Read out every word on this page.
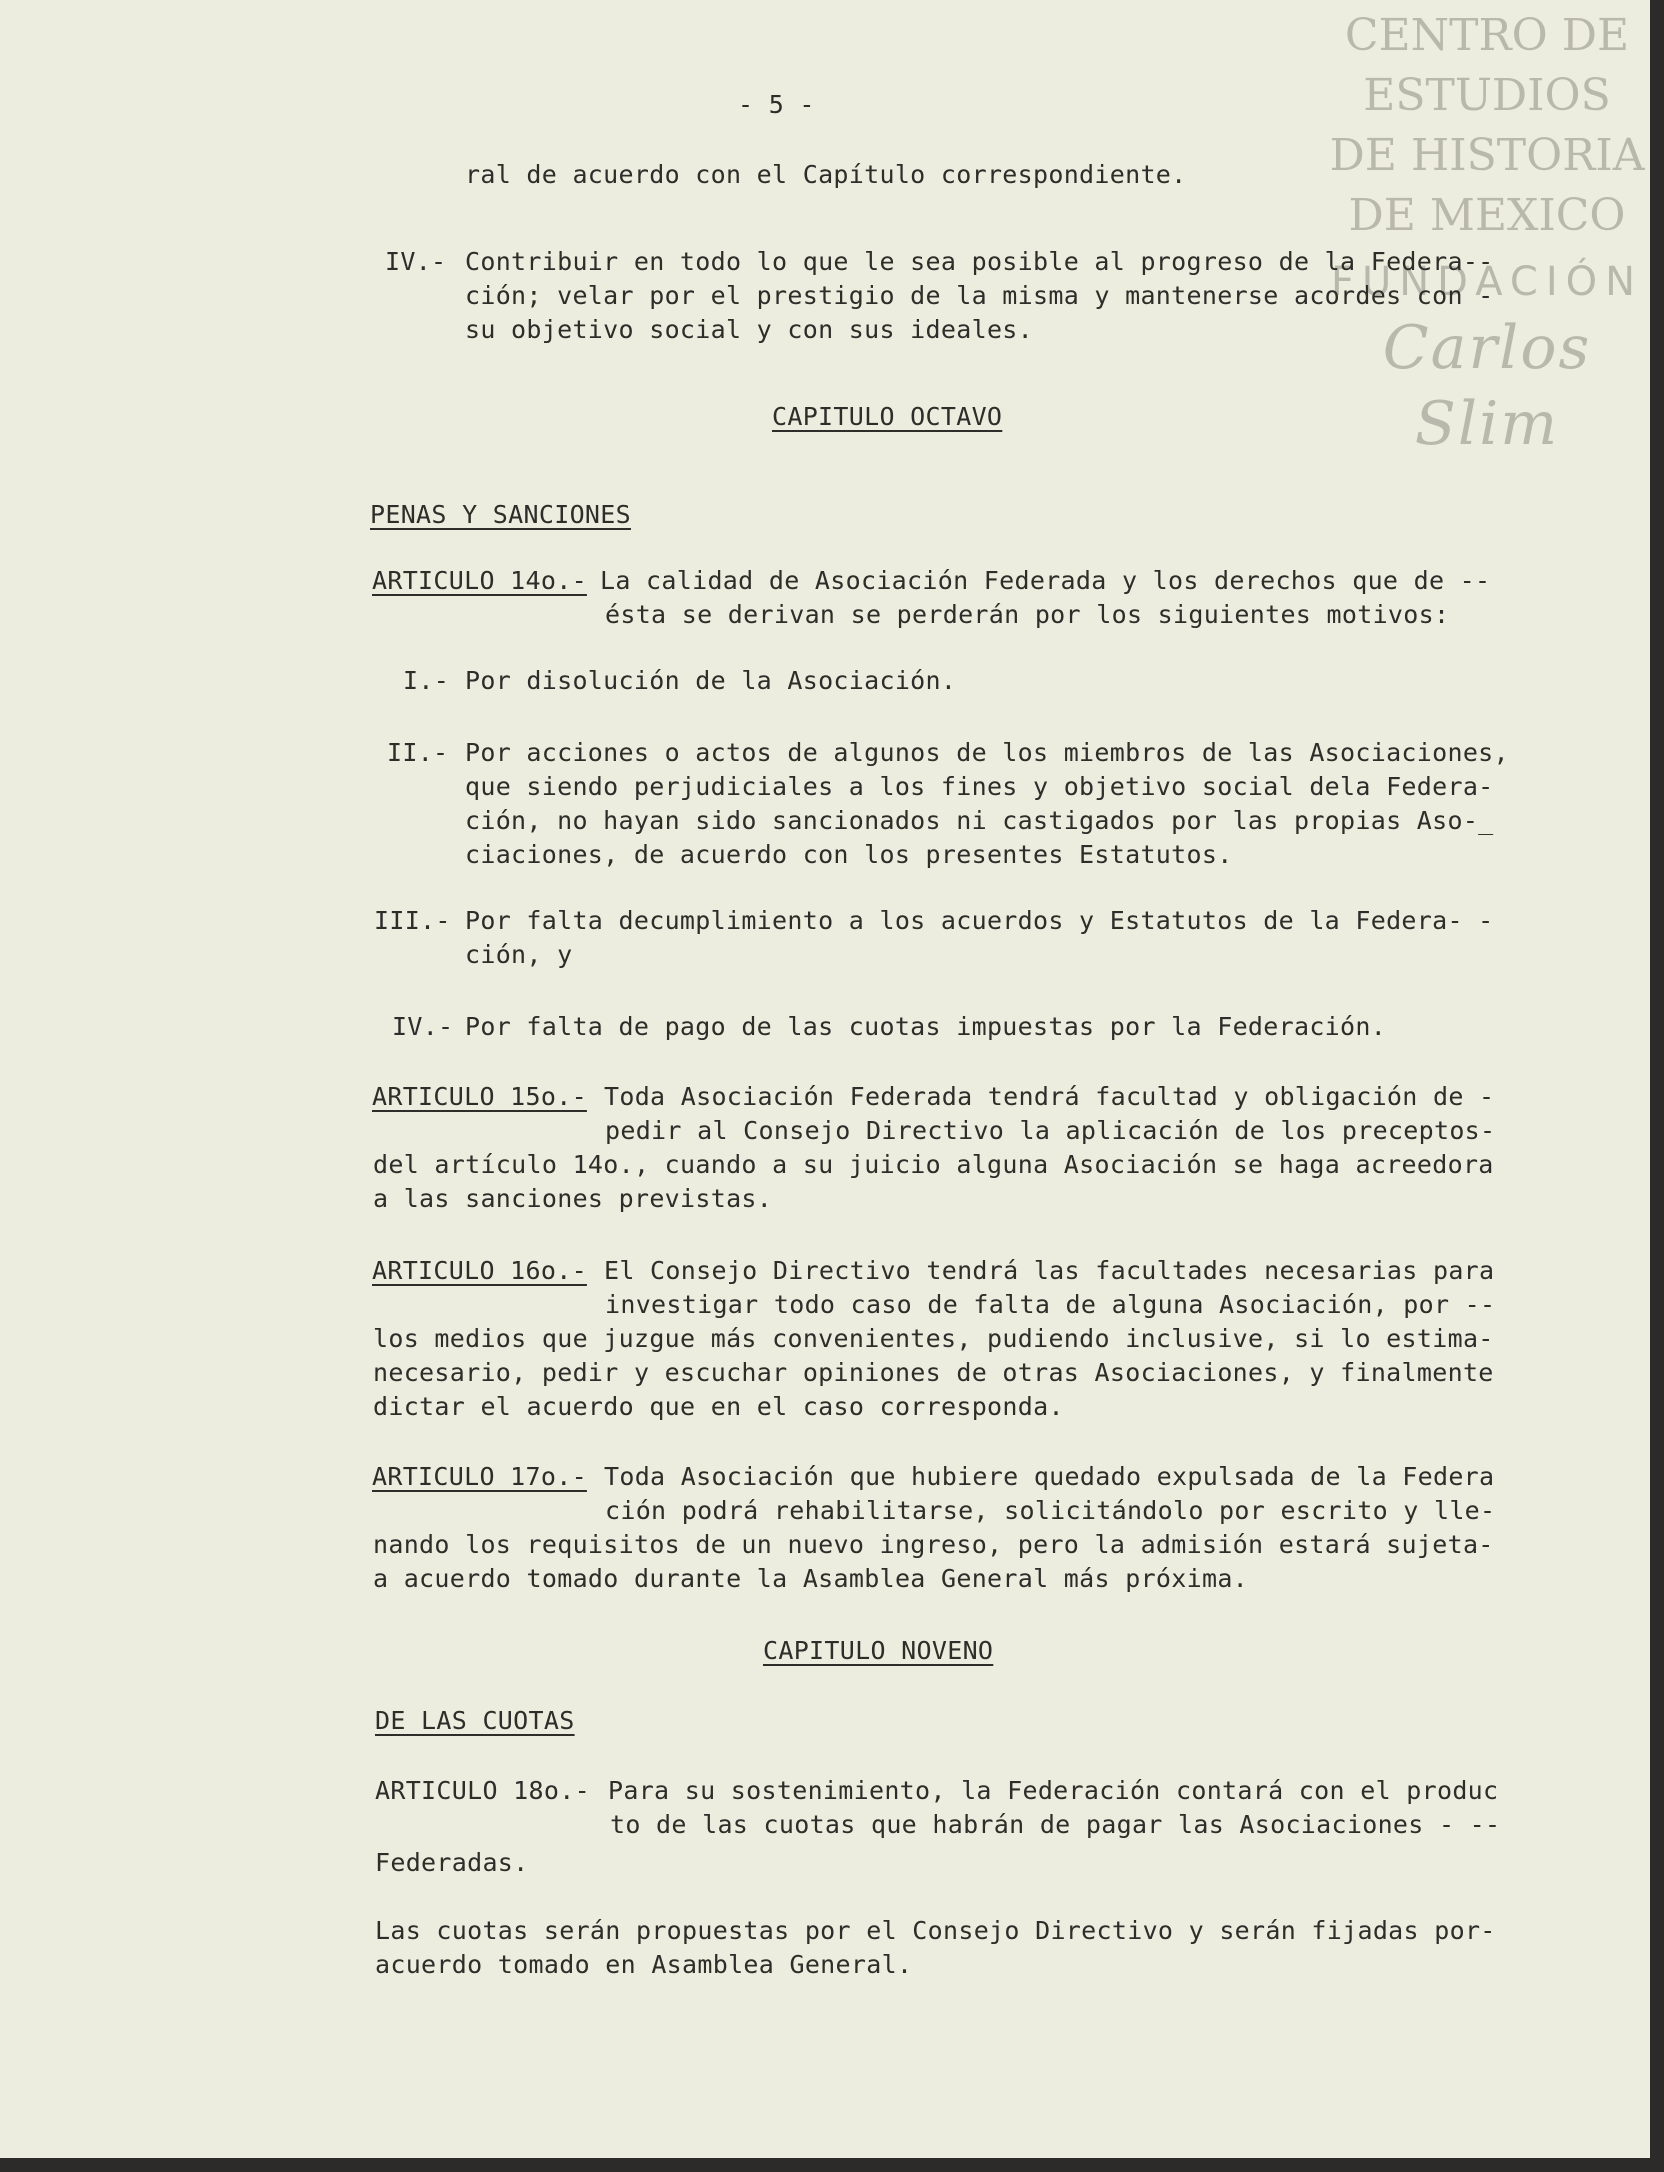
CENTRO DE
ESTUDIOS
DE HISTORIA
DE MEXICO
FUNDACIÓN
Carlos Slim
- 5 -
ral de acuerdo con el Capítulo correspondiente.
IV.- Contribuir en todo lo que le sea posible al progreso de la Federa--
ción; velar por el prestigio de la misma y mantenerse acordes con -
su objetivo social y con sus ideales.
CAPITULO OCTAVO
PENAS Y SANCIONES
ARTICULO 14o.- La calidad de Asociación Federada y los derechos que de --
ésta se derivan se perderán por los siguientes motivos:
I.- Por disolución de la Asociación.
II.- Por acciones o actos de algunos de los miembros de las Asociaciones,
que siendo perjudiciales a los fines y objetivo social dela Federa-
ción, no hayan sido sancionados ni castigados por las propias Aso-_
ciaciones, de acuerdo con los presentes Estatutos.
III.- Por falta decumplimiento a los acuerdos y Estatutos de la Federa- -
ción, y
IV.- Por falta de pago de las cuotas impuestas por la Federación.
ARTICULO 15o.- Toda Asociación Federada tendrá facultad y obligación de -
pedir al Consejo Directivo la aplicación de los preceptos-
del artículo 14o., cuando a su juicio alguna Asociación se haga acreedora
a las sanciones previstas.
ARTICULO 16o.- El Consejo Directivo tendrá las facultades necesarias para
investigar todo caso de falta de alguna Asociación, por --
los medios que juzgue más convenientes, pudiendo inclusive, si lo estima-
necesario, pedir y escuchar opiniones de otras Asociaciones, y finalmente
dictar el acuerdo que en el caso corresponda.
ARTICULO 17o.- Toda Asociación que hubiere quedado expulsada de la Federa
ción podrá rehabilitarse, solicitándolo por escrito y lle-
nando los requisitos de un nuevo ingreso, pero la admisión estará sujeta-
a acuerdo tomado durante la Asamblea General más próxima.
CAPITULO NOVENO
DE LAS CUOTAS
ARTICULO 18o.- Para su sostenimiento, la Federación contará con el produc
to de las cuotas que habrán de pagar las Asociaciones - --
Federadas.
Las cuotas serán propuestas por el Consejo Directivo y serán fijadas por-
acuerdo tomado en Asamblea General.
